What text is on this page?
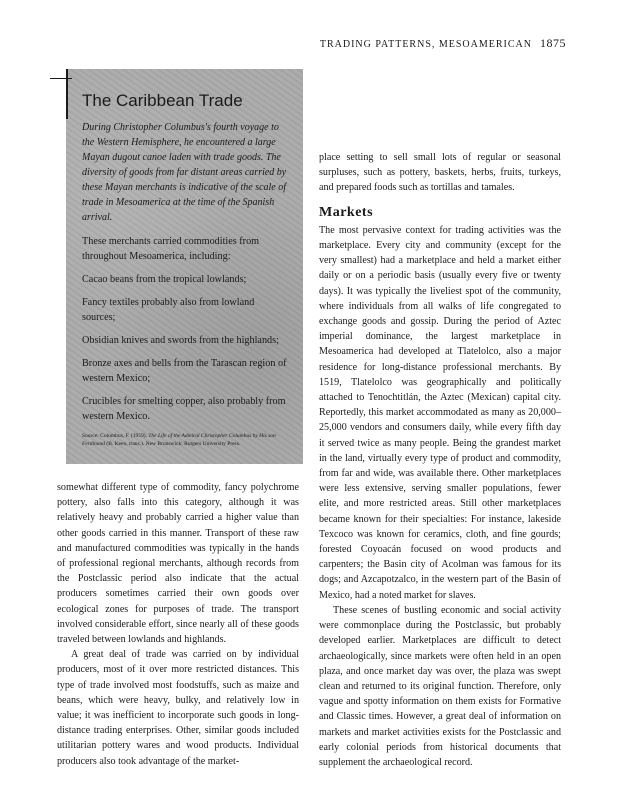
TRADING PATTERNS, MESOAMERICAN 1875
The Caribbean Trade

During Christopher Columbus's fourth voyage to the Western Hemisphere, he encountered a large Mayan dugout canoe laden with trade goods. The diversity of goods from far distant areas carried by these Mayan merchants is indicative of the scale of trade in Mesoamerica at the time of the Spanish arrival.

These merchants carried commodities from throughout Mesoamerica, including:

Cacao beans from the tropical lowlands;

Fancy textiles probably also from lowland sources;

Obsidian knives and swords from the highlands;

Bronze axes and bells from the Tarascan region of western Mexico;

Crucibles for smelting copper, also probably from western Mexico.

Source: Columbus, F. (1959). The Life of the Admiral Christopher Columbus by His son Ferdinand (B. Keen, trans.). New Brunswick: Rutgers University Press.

somewhat different type of commodity, fancy polychrome pottery, also falls into this category, although it was relatively heavy and probably carried a higher value than other goods carried in this manner. Transport of these raw and manufactured commodities was typically in the hands of professional regional merchants, although records from the Postclassic period also indicate that the actual producers sometimes carried their own goods over ecological zones for purposes of trade. The transport involved considerable effort, since nearly all of these goods traveled between lowlands and highlands.

A great deal of trade was carried on by individual producers, most of it over more restricted distances. This type of trade involved most foodstuffs, such as maize and beans, which were heavy, bulky, and relatively low in value; it was inefficient to incorporate such goods in long-distance trading enterprises. Other, similar goods included utilitarian pottery wares and wood products. Individual producers also took advantage of the market-

place setting to sell small lots of regular or seasonal surpluses, such as pottery, baskets, herbs, fruits, turkeys, and prepared foods such as tortillas and tamales.

Markets

The most pervasive context for trading activities was the marketplace. Every city and community (except for the very smallest) had a marketplace and held a market either daily or on a periodic basis (usually every five or twenty days). It was typically the liveliest spot of the community, where individuals from all walks of life congregated to exchange goods and gossip. During the period of Aztec imperial dominance, the largest marketplace in Mesoamerica had developed at Tlatelolco, also a major residence for long-distance professional merchants. By 1519, Tlatelolco was geographically and politically attached to Tenochtitlán, the Aztec (Mexican) capital city. Reportedly, this market accommodated as many as 20,000–25,000 vendors and consumers daily, while every fifth day it served twice as many people. Being the grandest market in the land, virtually every type of product and commodity, from far and wide, was available there. Other marketplaces were less extensive, serving smaller populations, fewer elite, and more restricted areas. Still other marketplaces became known for their specialties: For instance, lakeside Texcoco was known for ceramics, cloth, and fine gourds; forested Coyoacán focused on wood products and carpenters; the Basin city of Acolman was famous for its dogs; and Azcapotzalco, in the western part of the Basin of Mexico, had a noted market for slaves.

These scenes of bustling economic and social activity were commonplace during the Postclassic, but probably developed earlier. Marketplaces are difficult to detect archaeologically, since markets were often held in an open plaza, and once market day was over, the plaza was swept clean and returned to its original function. Therefore, only vague and spotty information on them exists for Formative and Classic times. However, a great deal of information on markets and market activities exists for the Postclassic and early colonial periods from historical documents that supplement the archaeological record.
